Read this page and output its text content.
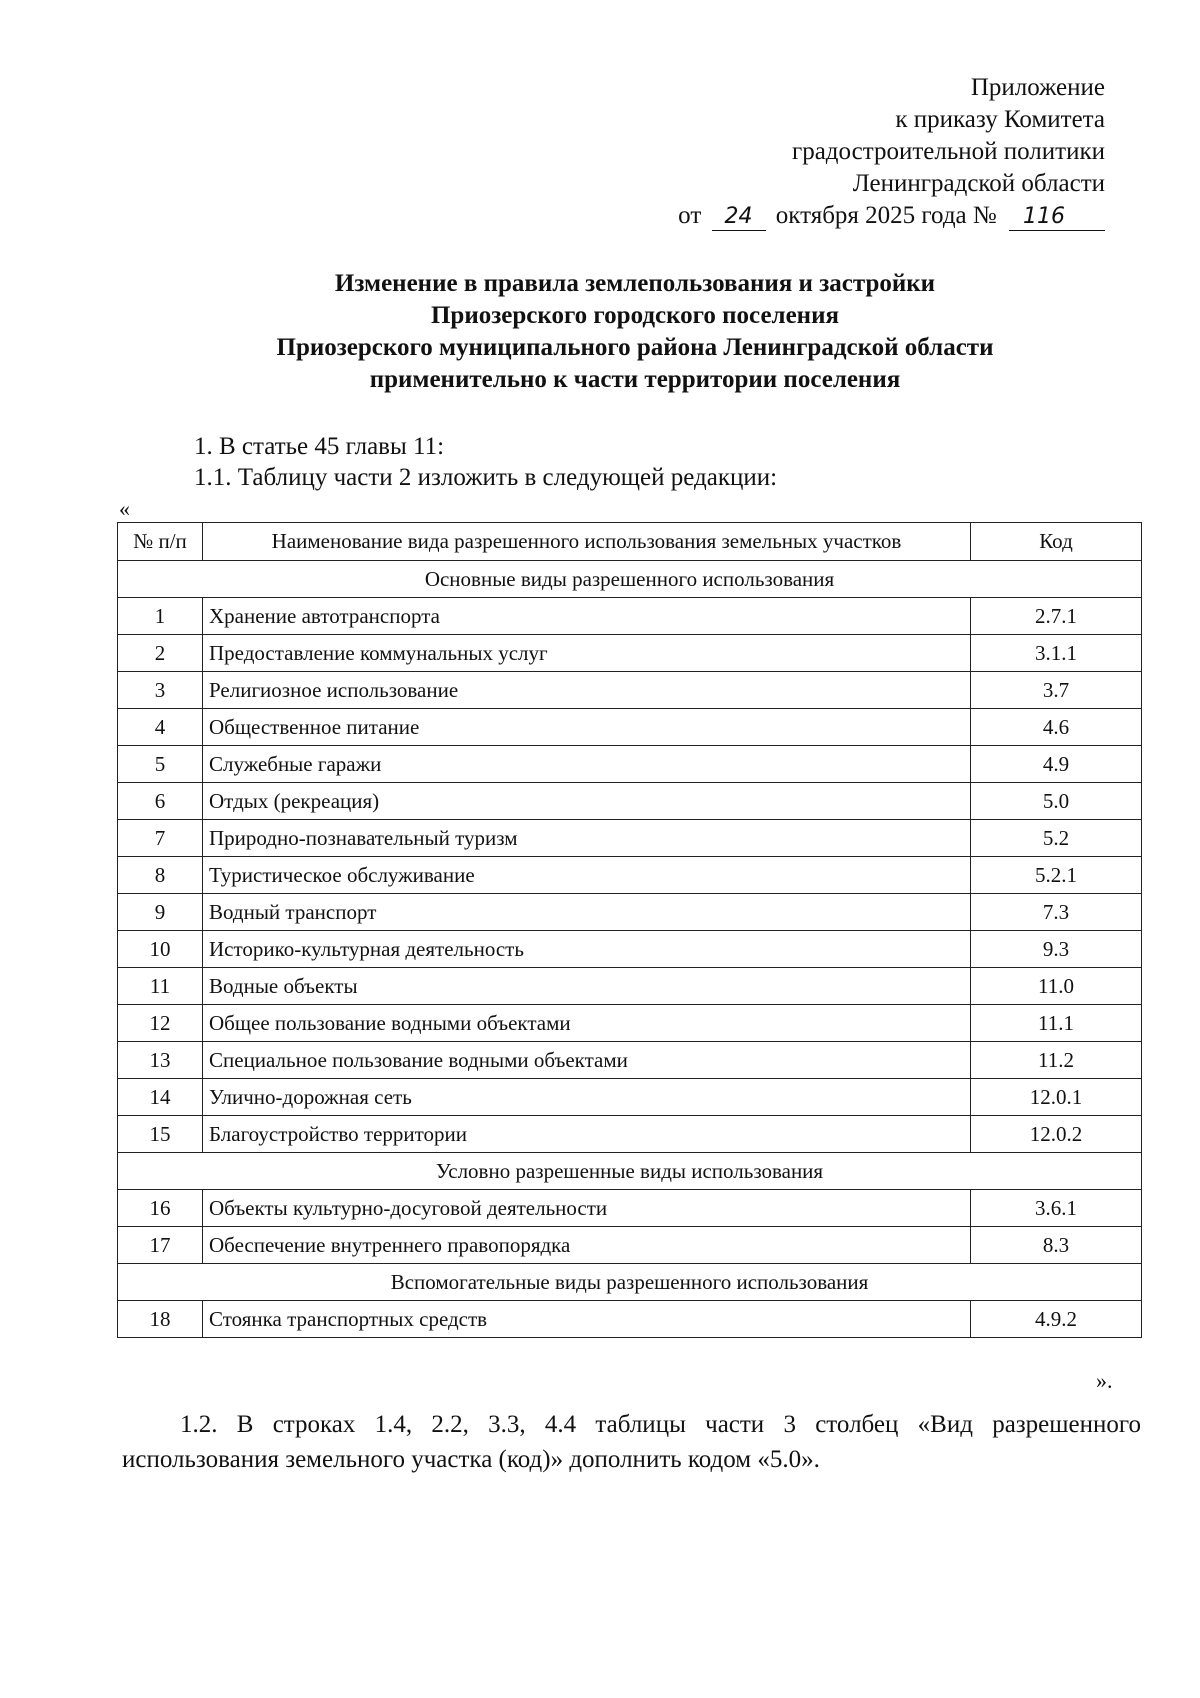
Приложение
к приказу Комитета
градостроительной политики
Ленинградской области
от 24 октября 2025 года № 116
Изменение в правила землепользования и застройки
Приозерского городского поселения
Приозерского муниципального района Ленинградской области
применительно к части территории поселения
1. В статье 45 главы 11:
1.1. Таблицу части 2 изложить в следующей редакции:
«
№ п/п	Наименование вида разрешенного использования земельных участков	Код
Основные виды разрешенного использования		
1	Хранение автотранспорта	2.7.1
2	Предоставление коммунальных услуг	3.1.1
3	Религиозное использование	3.7
4	Общественное питание	4.6
5	Служебные гаражи	4.9
6	Отдых (рекреация)	5.0
7	Природно-познавательный туризм	5.2
8	Туристическое обслуживание	5.2.1
9	Водный транспорт	7.3
10	Историко-культурная деятельность	9.3
11	Водные объекты	11.0
12	Общее пользование водными объектами	11.1
13	Специальное пользование водными объектами	11.2
14	Улично-дорожная сеть	12.0.1
15	Благоустройство территории	12.0.2
Условно разрешенные виды использования		
16	Объекты культурно-досуговой деятельности	3.6.1
17	Обеспечение внутреннего правопорядка	8.3
Вспомогательные виды разрешенного использования		
18	Стоянка транспортных средств	4.9.2
».
1.2. В строках 1.4, 2.2, 3.3, 4.4 таблицы части 3 столбец «Вид разрешенного использования земельного участка (код)» дополнить кодом «5.0».
